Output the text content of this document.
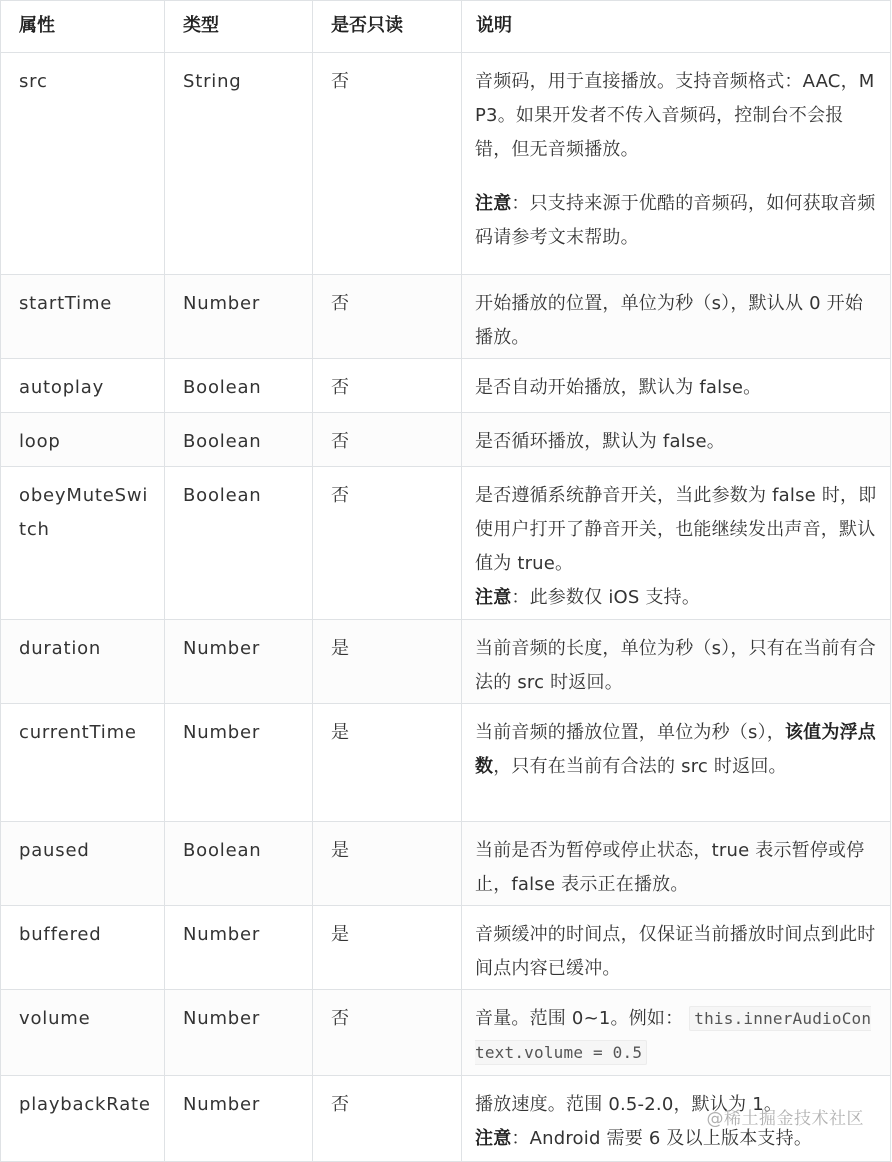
属性	类型	是否只读	说明
src	String	否	音频码，用于直接播放。支持音频格式：AAC，MP3。如果开发者不传入音频码，控制台不会报错，但无音频播放。
注意：只支持来源于优酷的音频码，如何获取音频码请参考文末帮助。
startTime	Number	否	开始播放的位置，单位为秒（s），默认从 0 开始播放。
autoplay	Boolean	否	是否自动开始播放，默认为 false。
loop	Boolean	否	是否循环播放，默认为 false。
obeyMuteSwitch	Boolean	否	是否遵循系统静音开关，当此参数为 false 时，即使用户打开了静音开关，也能继续发出声音，默认值为 true。
注意：此参数仅 iOS 支持。
duration	Number	是	当前音频的长度，单位为秒（s），只有在当前有合法的 src 时返回。
currentTime	Number	是	当前音频的播放位置，单位为秒（s），该值为浮点数，只有在当前有合法的 src 时返回。
paused	Boolean	是	当前是否为暂停或停止状态，true 表示暂停或停止，false 表示正在播放。
buffered	Number	是	音频缓冲的时间点，仅保证当前播放时间点到此时间点内容已缓冲。
volume	Number	否	音量。范围 0~1。例如： this.innerAudioContext.volume = 0.5
playbackRate	Number	否	播放速度。范围 0.5-2.0，默认为 1。
注意：Android 需要 6 及以上版本支持。
@稀土掘金技术社区
